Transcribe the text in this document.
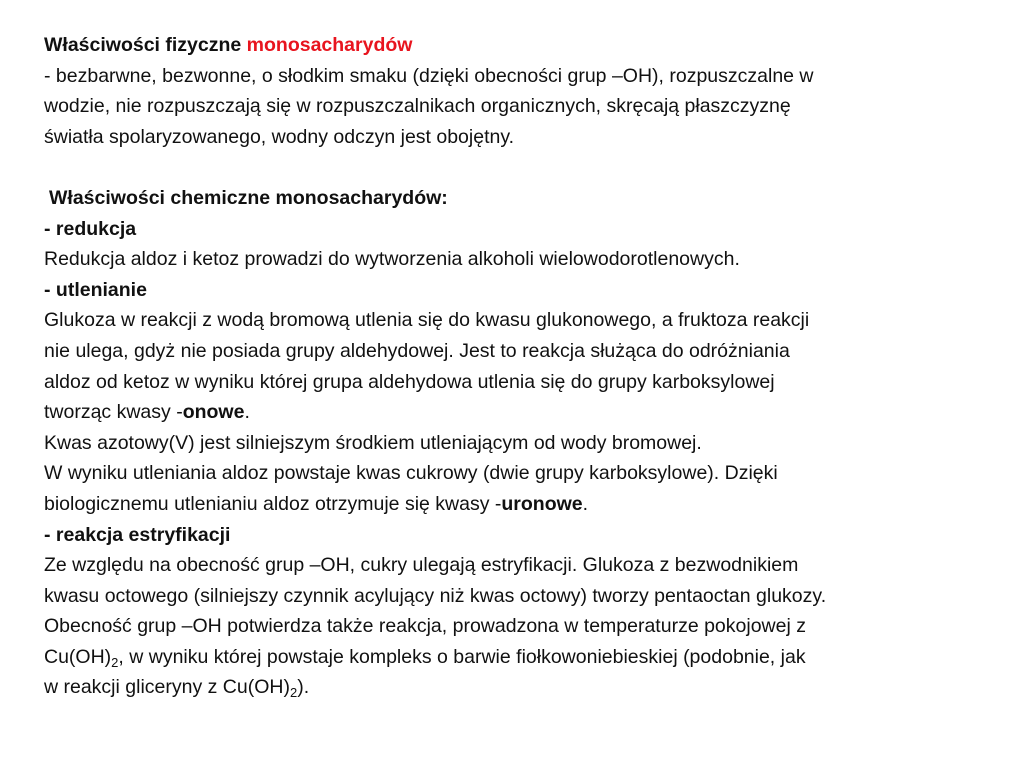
Właściwości fizyczne monosacharydów
- bezbarwne, bezwonne, o słodkim smaku (dzięki obecności grup –OH), rozpuszczalne w
wodzie, nie rozpuszczają się w rozpuszczalnikach organicznych, skręcają płaszczyznę
światła spolaryzowanego, wodny odczyn jest obojętny.
Właściwości chemiczne monosacharydów:
- redukcja
Redukcja aldoz i ketoz prowadzi do wytworzenia alkoholi wielowodorotlenowych.
- utlenianie
Glukoza w reakcji z wodą bromową utlenia się do kwasu glukonowego, a fruktoza reakcji
nie ulega, gdyż nie posiada grupy aldehydowej. Jest to reakcja służąca do odróżniania
aldoz od ketoz w wyniku której grupa aldehydowa utlenia się do grupy karboksylowej
tworząc kwasy -onowe.
Kwas azotowy(V) jest silniejszym środkiem utleniającym od wody bromowej.
W wyniku utleniania aldoz powstaje kwas cukrowy (dwie grupy karboksylowe). Dzięki
biologicznemu utlenianiu aldoz otrzymuje się kwasy -uronowe.
- reakcja estryfikacji
Ze względu na obecność grup –OH, cukry ulegają estryfikacji. Glukoza z bezwodnikiem
kwasu octowego (silniejszy czynnik acylujący niż kwas octowy) tworzy pentaoctan glukozy.
Obecność grup –OH potwierdza także reakcja, prowadzona w temperaturze pokojowej z
$Cu(OH)_2$, w wyniku której powstaje kompleks o barwie fiołkowoniebieskiej (podobnie, jak
w reakcji gliceryny z $Cu(OH)_2$).
